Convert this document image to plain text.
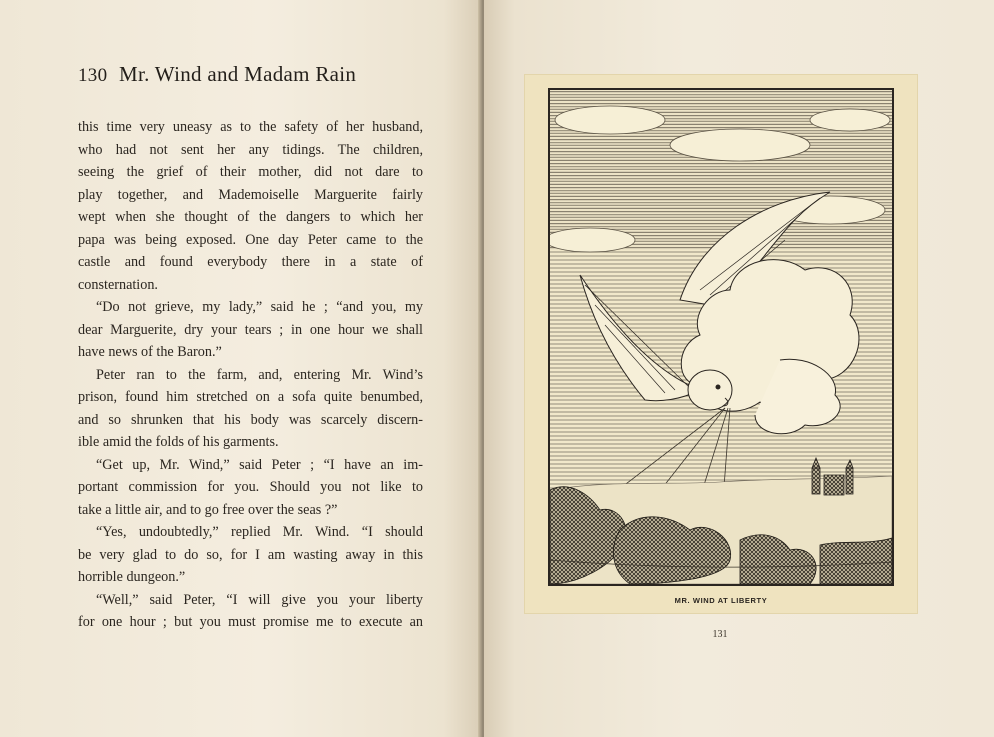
130 Mr. Wind and Madam Rain
this time very uneasy as to the safety of her husband,
who had not sent her any tidings. The children,
seeing the grief of their mother, did not dare to
play together, and Mademoiselle Marguerite fairly
wept when she thought of the dangers to which her
papa was being exposed. One day Peter came to the
castle and found everybody there in a state of
consternation.
“Do not grieve, my lady,” said he ; “and you, my
dear Marguerite, dry your tears ; in one hour we shall
have news of the Baron.”
Peter ran to the farm, and, entering Mr. Wind’s
prison, found him stretched on a sofa quite benumbed,
and so shrunken that his body was scarcely discern-
ible amid the folds of his garments.
“Get up, Mr. Wind,” said Peter ; “I have an im-
portant commission for you. Should you not like to
take a little air, and to go free over the seas ?”
“Yes, undoubtedly,” replied Mr. Wind. “I should
be very glad to do so, for I am wasting away in this
horrible dungeon.”
“Well,” said Peter, “I will give you your liberty
for one hour ; but you must promise me to execute an
MR. WIND AT LIBERTY
131
